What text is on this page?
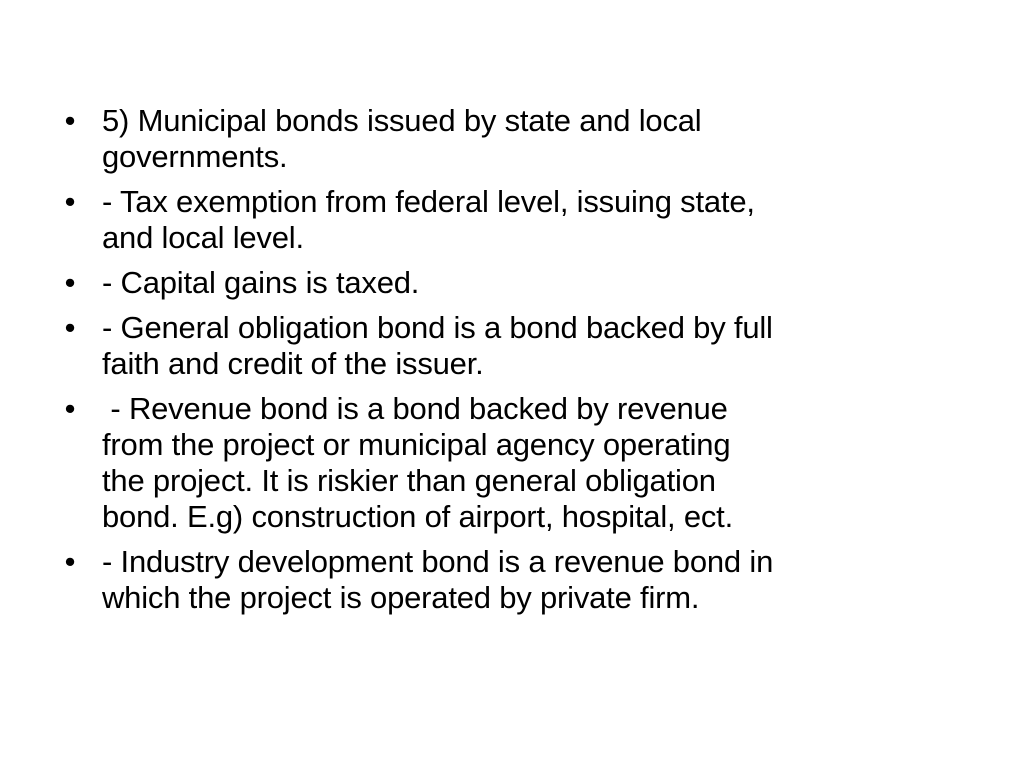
• 5) Municipal bonds issued by state and local
governments.
• - Tax exemption from federal level, issuing state,
and local level.
• - Capital gains is taxed.
• - General obligation bond is a bond backed by full
faith and credit of the issuer.
• - Revenue bond is a bond backed by revenue
from the project or municipal agency operating
the project. It is riskier than general obligation
bond. E.g) construction of airport, hospital, ect.
• - Industry development bond is a revenue bond in
which the project is operated by private firm.
